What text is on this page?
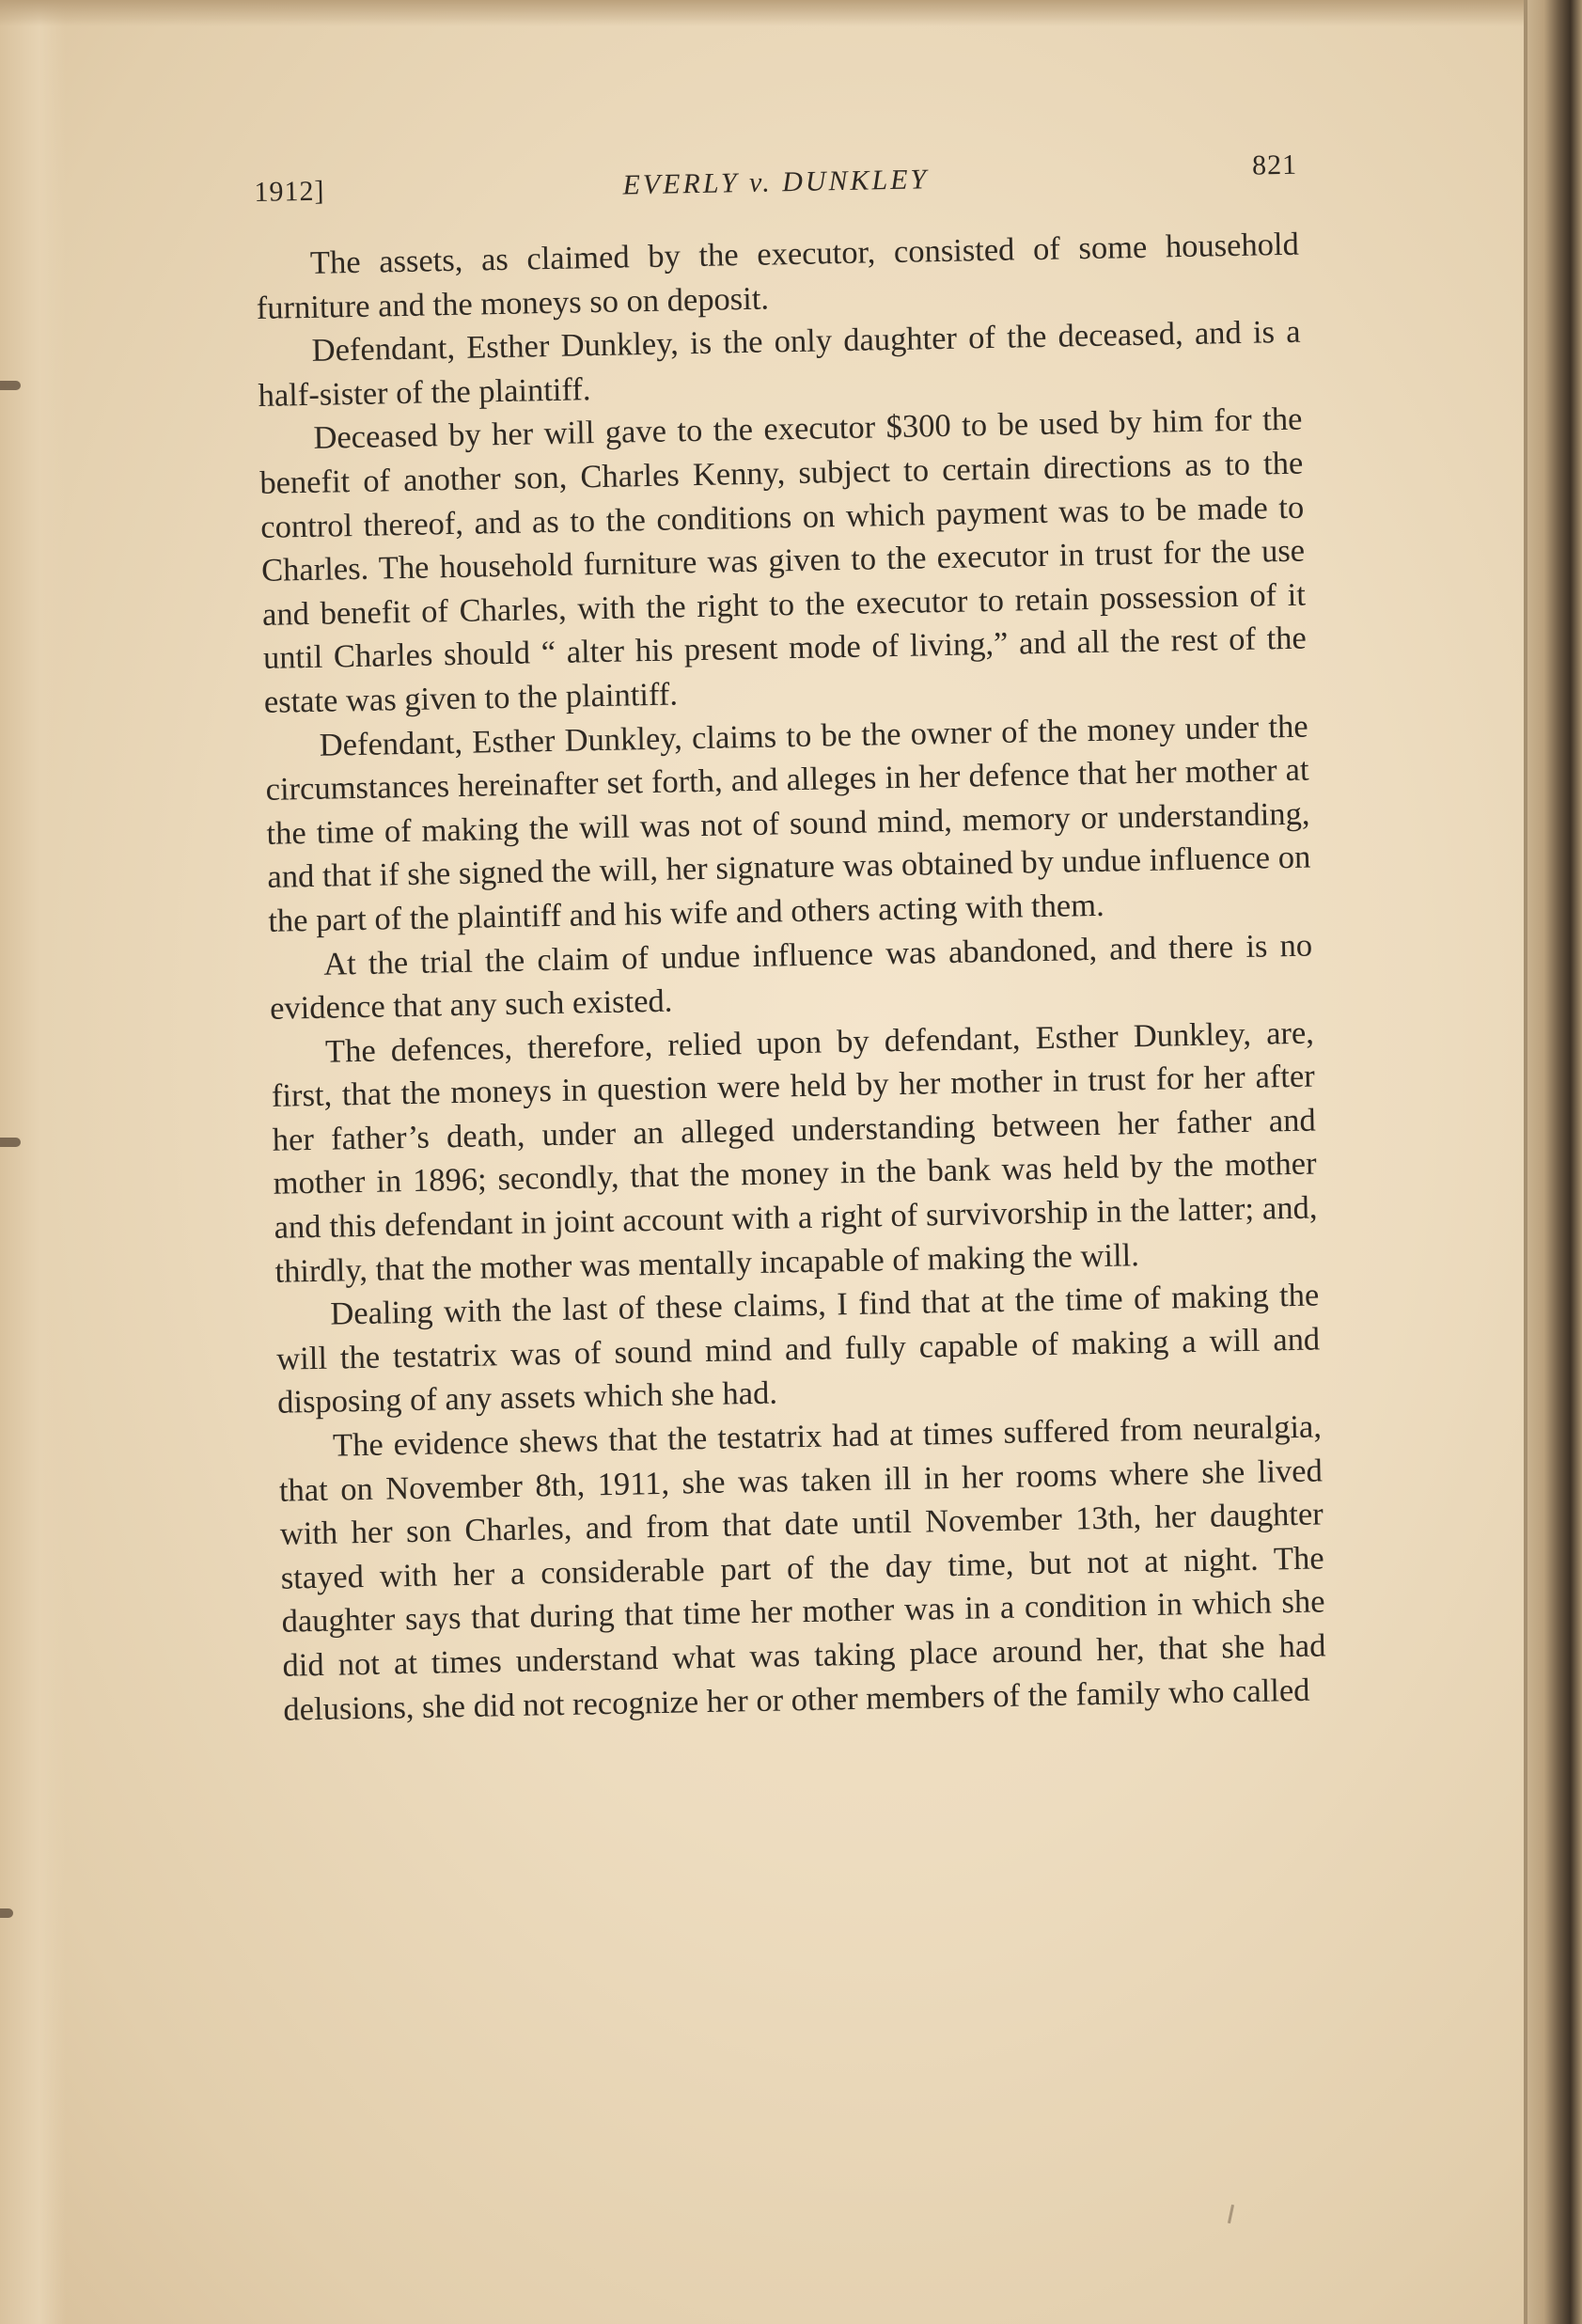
1912]	EVERLY v. DUNKLEY	821

The assets, as claimed by the executor, consisted of some household furniture and the moneys so on deposit.

Defendant, Esther Dunkley, is the only daughter of the deceased, and is a half-sister of the plaintiff.

Deceased by her will gave to the executor $300 to be used by him for the benefit of another son, Charles Kenny, subject to certain directions as to the control thereof, and as to the conditions on which payment was to be made to Charles. The household furniture was given to the executor in trust for the use and benefit of Charles, with the right to the executor to retain possession of it until Charles should “ alter his present mode of living,” and all the rest of the estate was given to the plaintiff.

Defendant, Esther Dunkley, claims to be the owner of the money under the circumstances hereinafter set forth, and alleges in her defence that her mother at the time of making the will was not of sound mind, memory or understanding, and that if she signed the will, her signature was obtained by undue influence on the part of the plaintiff and his wife and others acting with them.

At the trial the claim of undue influence was abandoned, and there is no evidence that any such existed.

The defences, therefore, relied upon by defendant, Esther Dunkley, are, first, that the moneys in question were held by her mother in trust for her after her father’s death, under an alleged understanding between her father and mother in 1896; secondly, that the money in the bank was held by the mother and this defendant in joint account with a right of survivorship in the latter; and, thirdly, that the mother was mentally incapable of making the will.

Dealing with the last of these claims, I find that at the time of making the will the testatrix was of sound mind and fully capable of making a will and disposing of any assets which she had.

The evidence shews that the testatrix had at times suffered from neuralgia, that on November 8th, 1911, she was taken ill in her rooms where she lived with her son Charles, and from that date until November 13th, her daughter stayed with her a considerable part of the day time, but not at night. The daughter says that during that time her mother was in a condition in which she did not at times understand what was taking place around her, that she had delusions, she did not recognize her or other members of the family who called
